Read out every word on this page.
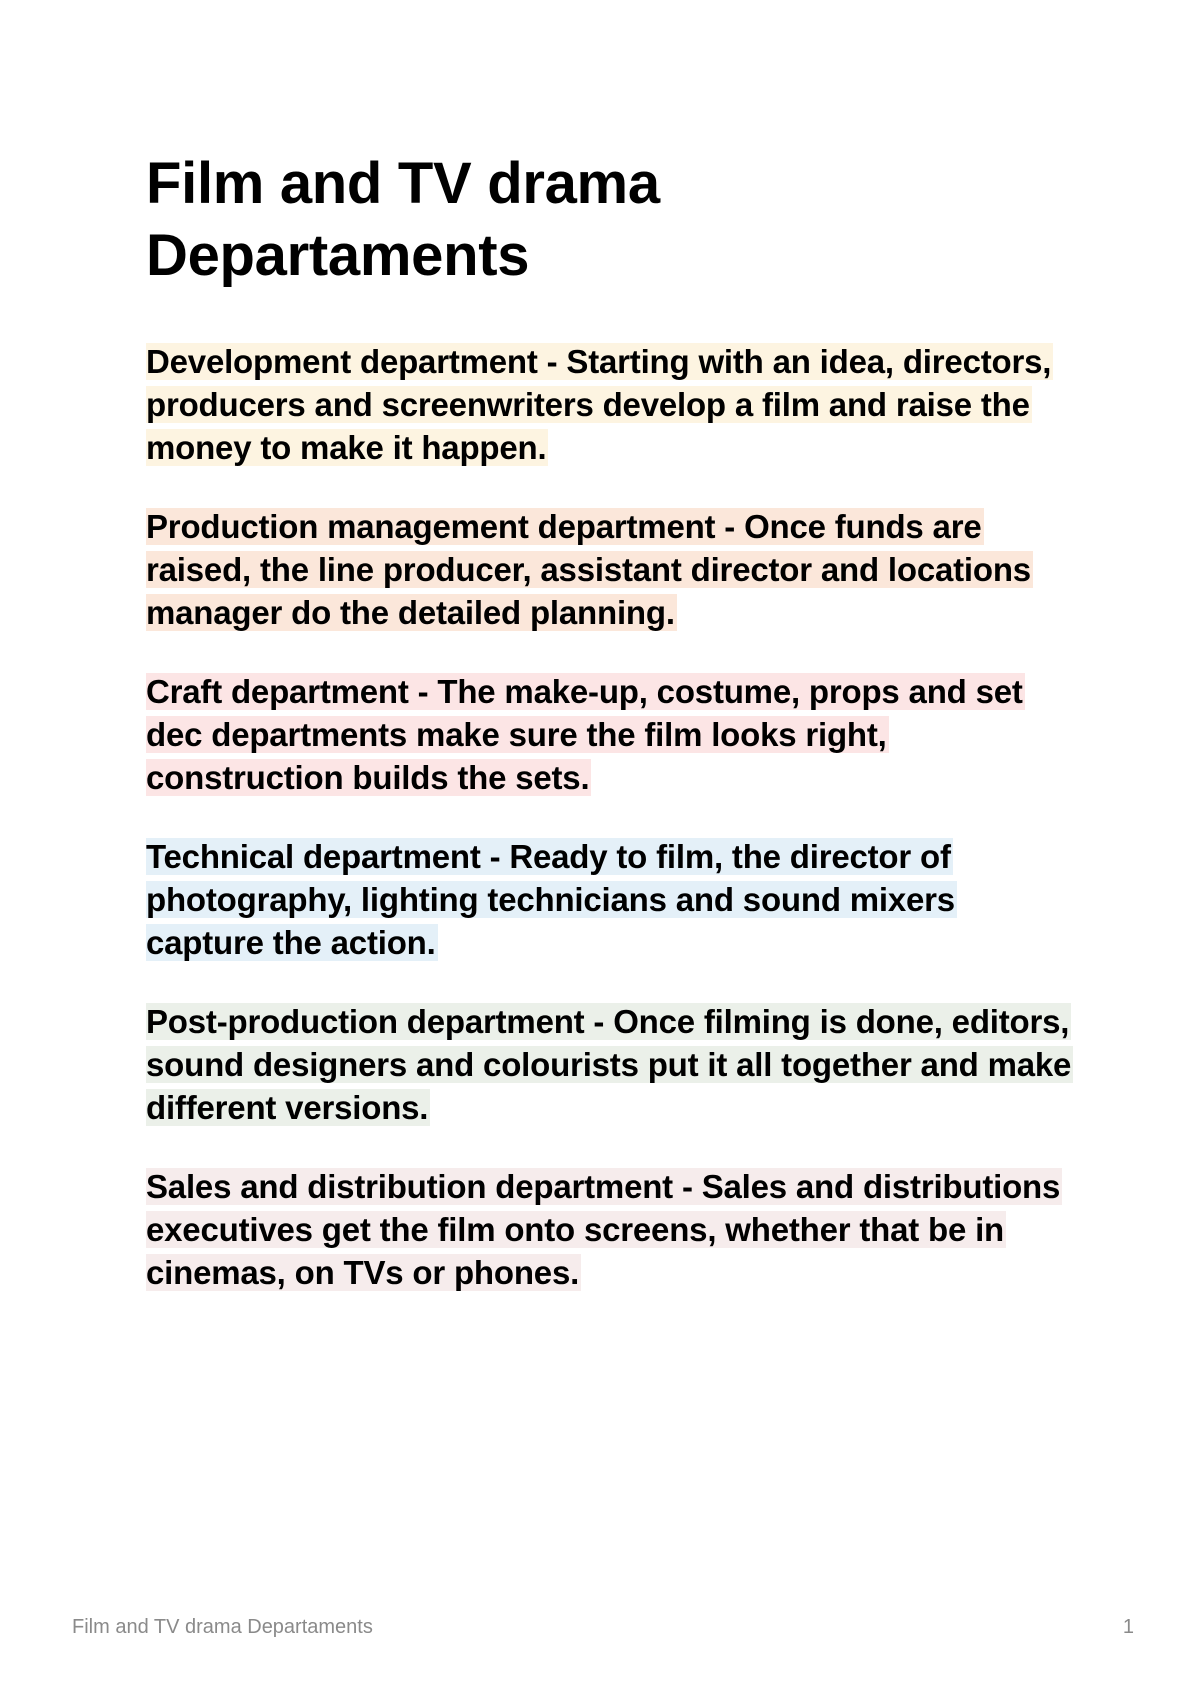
Film and TV drama
Departaments

Development department - Starting with an idea, directors, producers and screenwriters develop a film and raise the money to make it happen.

Production management department - Once funds are raised, the line producer, assistant director and locations manager do the detailed planning.

Craft department - The make-up, costume, props and set dec departments make sure the film looks right, construction builds the sets.

Technical department - Ready to film, the director of photography, lighting technicians and sound mixers capture the action.

Post-production department - Once filming is done, editors, sound designers and colourists put it all together and make different versions.

Sales and distribution department - Sales and distributions executives get the film onto screens, whether that be in cinemas, on TVs or phones.

Film and TV drama Departaments	1
